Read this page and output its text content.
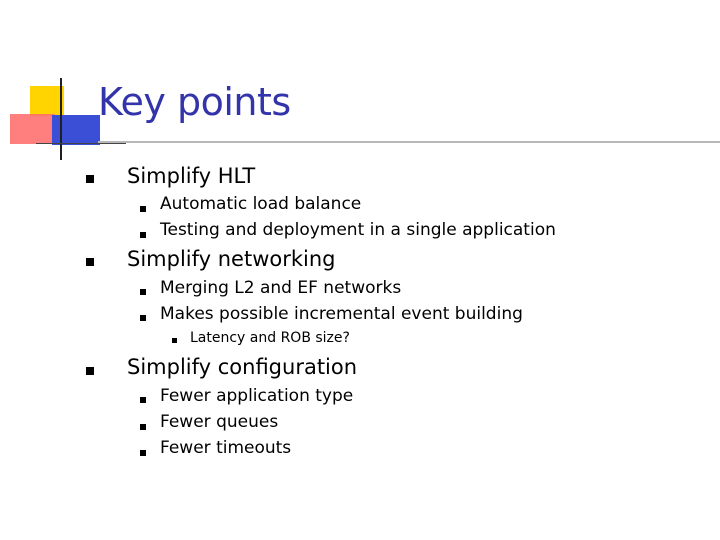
Key points
Simplify HLT
Automatic load balance
Testing and deployment in a single application
Simplify networking
Merging L2 and EF networks
Makes possible incremental event building
Latency and ROB size?
Simplify configuration
Fewer application type
Fewer queues
Fewer timeouts
